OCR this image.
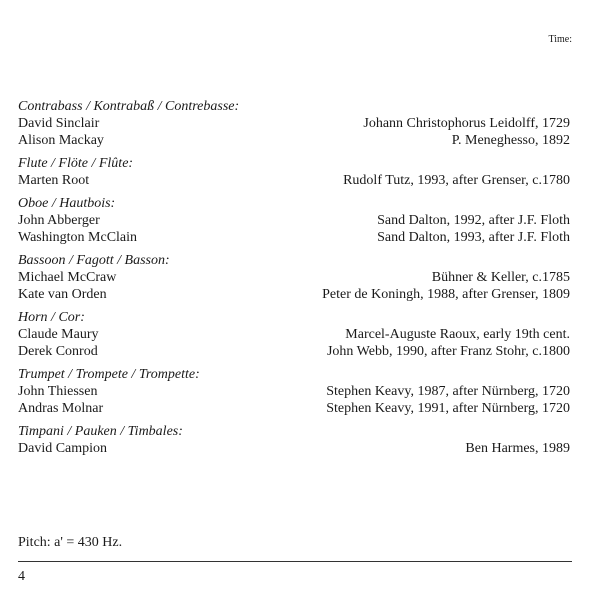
Time:
Contrabass / Kontrabaß / Contrebasse:
David Sinclair	Johann Christophorus Leidolff, 1729
Alison Mackay	P. Meneghesso, 1892
Flute / Flöte / Flûte:
Marten Root	Rudolf Tutz, 1993, after Grenser, c.1780
Oboe / Hautbois:
John Abberger	Sand Dalton, 1992, after J.F. Floth
Washington McClain	Sand Dalton, 1993, after J.F. Floth
Bassoon / Fagott / Basson:
Michael McCraw	Bühner & Keller, c.1785
Kate van Orden	Peter de Koningh, 1988, after Grenser, 1809
Horn / Cor:
Claude Maury	Marcel-Auguste Raoux, early 19th cent.
Derek Conrod	John Webb, 1990, after Franz Stohr, c.1800
Trumpet / Trompete / Trompette:
John Thiessen	Stephen Keavy, 1987, after Nürnberg, 1720
Andras Molnar	Stephen Keavy, 1991, after Nürnberg, 1720
Timpani / Pauken / Timbales:
David Campion	Ben Harmes, 1989
Pitch: a' = 430 Hz.
4
